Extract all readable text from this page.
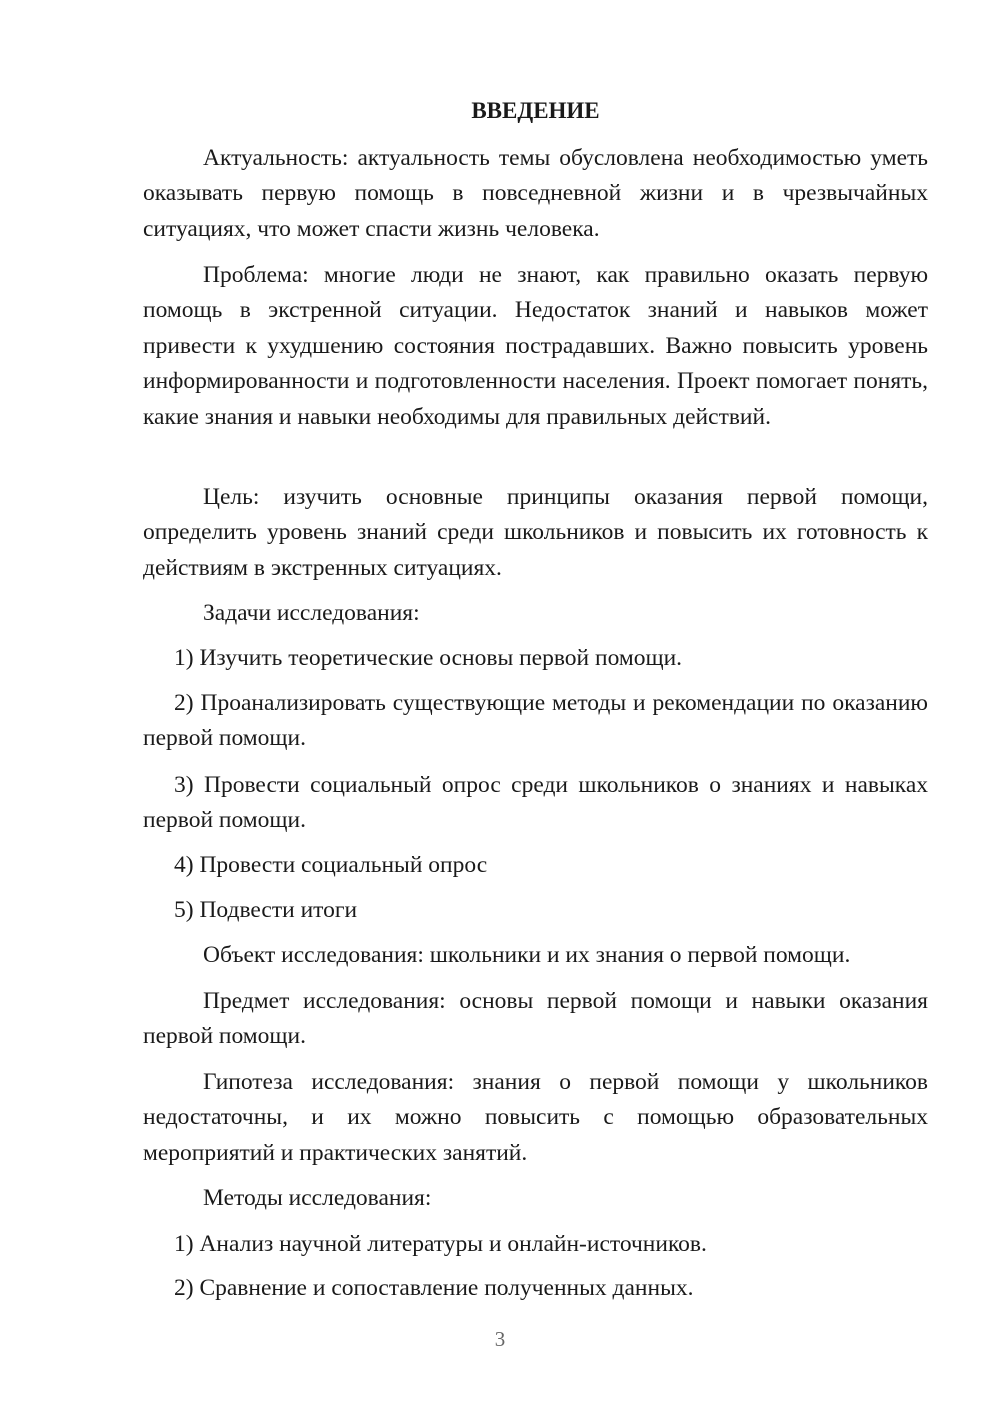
ВВЕДЕНИЕ

Актуальность: актуальность темы обусловлена необходимостью уметь оказывать первую помощь в повседневной жизни и в чрезвычайных ситуациях, что может спасти жизнь человека.

Проблема: многие люди не знают, как правильно оказать первую помощь в экстренной ситуации. Недостаток знаний и навыков может привести к ухудшению состояния пострадавших. Важно повысить уровень информированности и подготовленности населения. Проект помогает понять, какие знания и навыки необходимы для правильных действий.

Цель: изучить основные принципы оказания первой помощи, определить уровень знаний среди школьников и повысить их готовность к действиям в экстренных ситуациях.

Задачи исследования:

1) Изучить теоретические основы первой помощи.

2) Проанализировать существующие методы и рекомендации по оказанию первой помощи.

3) Провести социальный опрос среди школьников о знаниях и навыках первой помощи.

4) Провести социальный опрос

5) Подвести итоги

Объект исследования: школьники и их знания о первой помощи.

Предмет исследования: основы первой помощи и навыки оказания первой помощи.

Гипотеза исследования: знания о первой помощи у школьников недостаточны, и их можно повысить с помощью образовательных мероприятий и практических занятий.

Методы исследования:

1) Анализ научной литературы и онлайн-источников.

2) Сравнение и сопоставление полученных данных.

3
